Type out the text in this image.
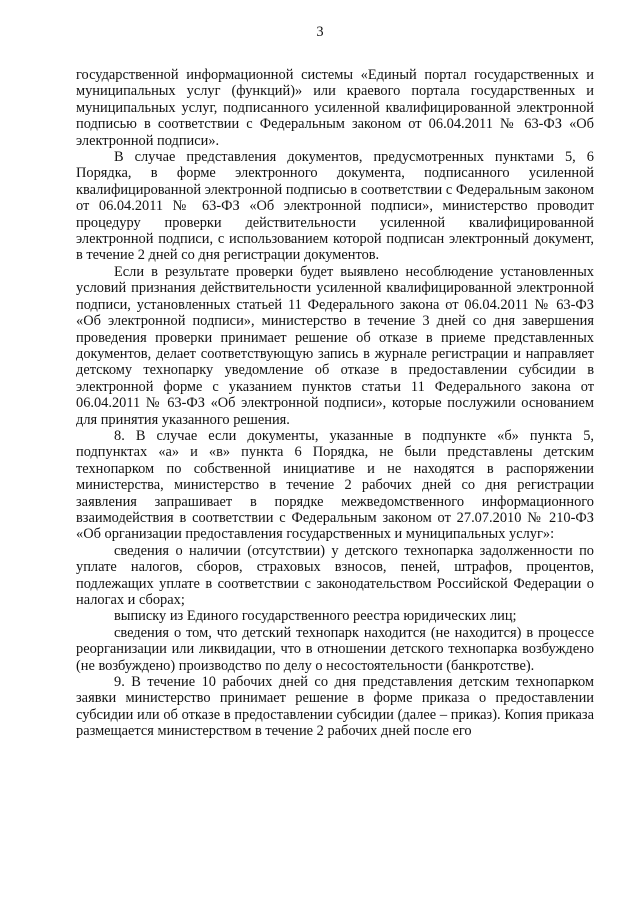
3

государственной информационной системы «Единый портал государственных и муниципальных услуг (функций)» или краевого портала государственных и муниципальных услуг, подписанного усиленной квалифицированной электронной подписью в соответствии с Федеральным законом от 06.04.2011 № 63-ФЗ «Об электронной подписи».

В случае представления документов, предусмотренных пунктами 5, 6 Порядка, в форме электронного документа, подписанного усиленной квалифицированной электронной подписью в соответствии с Федеральным законом от 06.04.2011 № 63-ФЗ «Об электронной подписи», министерство проводит процедуру проверки действительности усиленной квалифицированной электронной подписи, с использованием которой подписан электронный документ, в течение 2 дней со дня регистрации документов.

Если в результате проверки будет выявлено несоблюдение установленных условий признания действительности усиленной квалифицированной электронной подписи, установленных статьей 11 Федерального закона от 06.04.2011 № 63-ФЗ «Об электронной подписи», министерство в течение 3 дней со дня завершения проведения проверки принимает решение об отказе в приеме представленных документов, делает соответствующую запись в журнале регистрации и направляет детскому технопарку уведомление об отказе в предоставлении субсидии в электронной форме с указанием пунктов статьи 11 Федерального закона от 06.04.2011 № 63-ФЗ «Об электронной подписи», которые послужили основанием для принятия указанного решения.

8. В случае если документы, указанные в подпункте «б» пункта 5, подпунктах «а» и «в» пункта 6 Порядка, не были представлены детским технопарком по собственной инициативе и не находятся в распоряжении министерства, министерство в течение 2 рабочих дней со дня регистрации заявления запрашивает в порядке межведомственного информационного взаимодействия в соответствии с Федеральным законом от 27.07.2010 № 210-ФЗ «Об организации предоставления государственных и муниципальных услуг»:

сведения о наличии (отсутствии) у детского технопарка задолженности по уплате налогов, сборов, страховых взносов, пеней, штрафов, процентов, подлежащих уплате в соответствии с законодательством Российской Федерации о налогах и сборах;

выписку из Единого государственного реестра юридических лиц;

сведения о том, что детский технопарк находится (не находится) в процессе реорганизации или ликвидации, что в отношении детского технопарка возбуждено (не возбуждено) производство по делу о несостоятельности (банкротстве).

9. В течение 10 рабочих дней со дня представления детским технопарком заявки министерство принимает решение в форме приказа о предоставлении субсидии или об отказе в предоставлении субсидии (далее – приказ). Копия приказа размещается министерством в течение 2 рабочих дней после его
